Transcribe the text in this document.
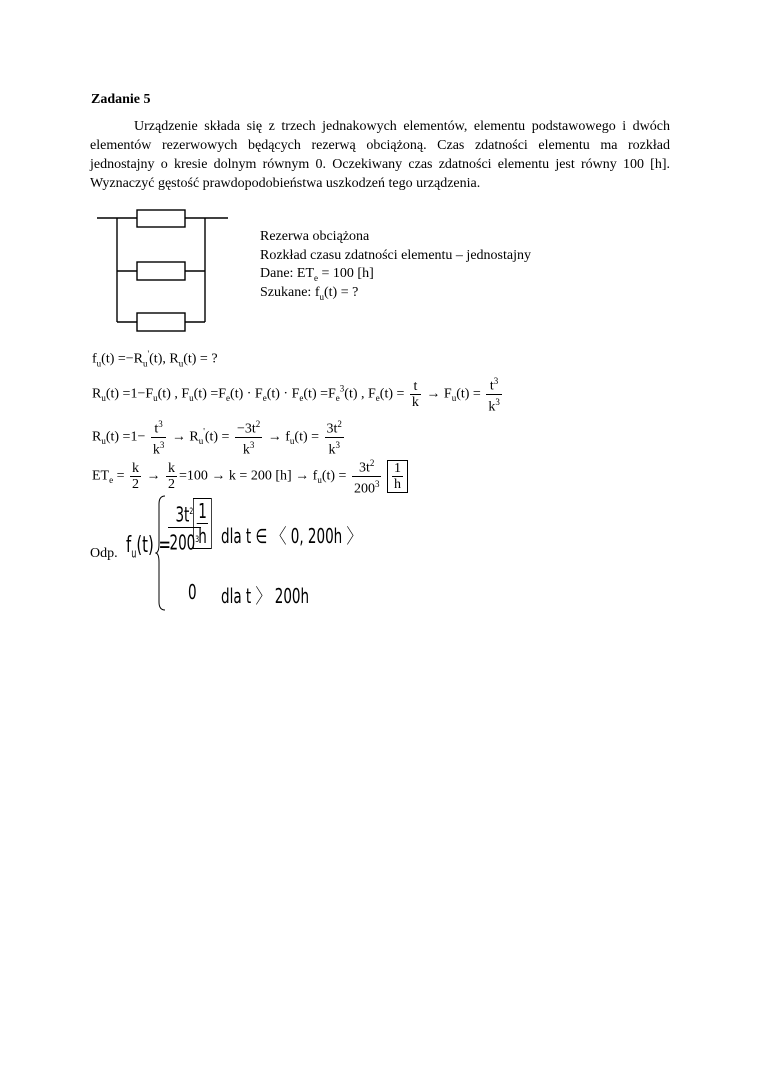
Zadanie 5

Urządzenie składa się z trzech jednakowych elementów, elementu podstawowego i dwóch elementów rezerwowych będących rezerwą obciążoną. Czas zdatności elementu ma rozkład jednostajny o kresie dolnym równym 0. Oczekiwany czas zdatności elementu jest równy 100 [h]. Wyznaczyć gęstość prawdopodobieństwa uszkodzeń tego urządzenia.

Rezerwa obciążona
Rozkład czasu zdatności elementu – jednostajny
Dane: $ET_e = 100$ [h]
Szukane: $f_u(t)$ = ?
$f_u(t) =-R_u'(t)$, $R_u(t)$ = ?
$R_u(t) =1-F_u(t)$ , $F_u(t) =F_e(t) \cdot F_e(t) \cdot F_e(t) =F_e^3(t)$ , $F_e(t) = \frac{t}{k} \to F_u(t) = \frac{t^3}{k^3}$
$R_u(t) =1- \frac{t^3}{k^3} \to R_u'(t) = \frac{-3t^2}{k^3} \to f_u(t) = \frac{3t^2}{k^3}$
$ET_e = \frac{k}{2} \to \frac{k}{2} =100 \to k = 200$ $[h] \to f_u(t) = \frac{3t^2}{200^3}$
$\frac{1}{h}$
Odp. $f_u(t)$ =
$\frac{3t^2}{200^3}$
$\frac{1}{h}$ dla t ∈ 〈 0, 200h 〉
0 dla t 〉 200h
